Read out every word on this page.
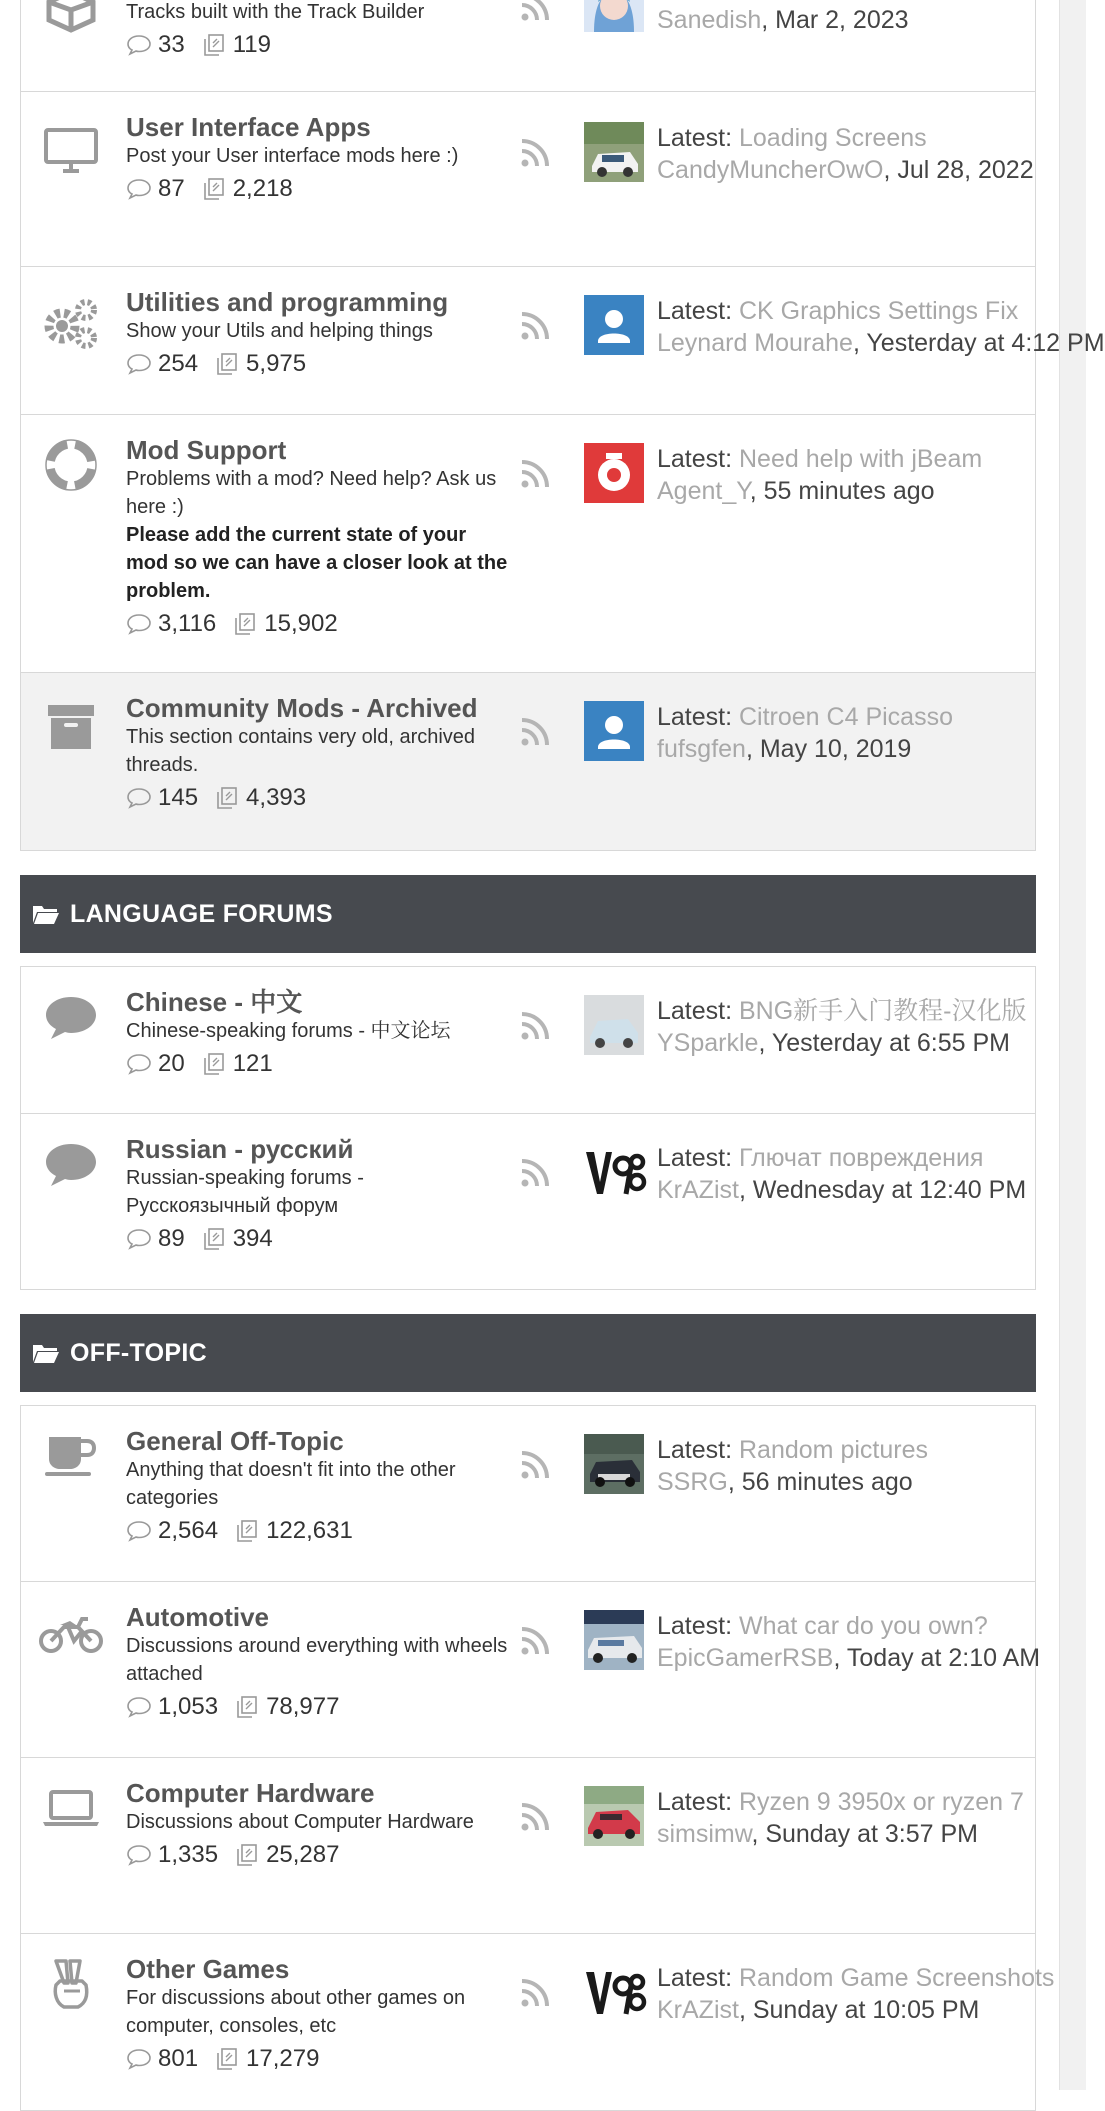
Tracks built with the Track Builder
33 119
Sanedish, Mar 2, 2023
User Interface Apps
Post your User interface mods here :)
87 2,218
Latest: Loading Screens
CandyMuncherOwO, Jul 28, 2022
Utilities and programming
Show your Utils and helping things
254 5,975
Latest: CK Graphics Settings Fix
Leynard Mourahe, Yesterday at 4:12 PM
Mod Support
Problems with a mod? Need help? Ask us here :)
Please add the current state of your mod so we can have a closer look at the problem.
3,116 15,902
Latest: Need help with jBeam
Agent_Y, 55 minutes ago
Community Mods - Archived
This section contains very old, archived threads.
145 4,393
Latest: Citroen C4 Picasso
fufsgfen, May 10, 2019
LANGUAGE FORUMS
Chinese - 中文
Chinese-speaking forums - 中文论坛
20 121
Latest: BNG新手入门教程-汉化版
YSparkle, Yesterday at 6:55 PM
Russian - русский
Russian-speaking forums - Русскоязычный форум
89 394
Latest: Глючат повреждения
KrAZist, Wednesday at 12:40 PM
OFF-TOPIC
General Off-Topic
Anything that doesn't fit into the other categories
2,564 122,631
Latest: Random pictures
SSRG, 56 minutes ago
Automotive
Discussions around everything with wheels attached
1,053 78,977
Latest: What car do you own?
EpicGamerRSB, Today at 2:10 AM
Computer Hardware
Discussions about Computer Hardware
1,335 25,287
Latest: Ryzen 9 3950x or ryzen 7
simsimw, Sunday at 3:57 PM
Other Games
For discussions about other games on computer, consoles, etc
801 17,279
Latest: Random Game Screenshots
KrAZist, Sunday at 10:05 PM
